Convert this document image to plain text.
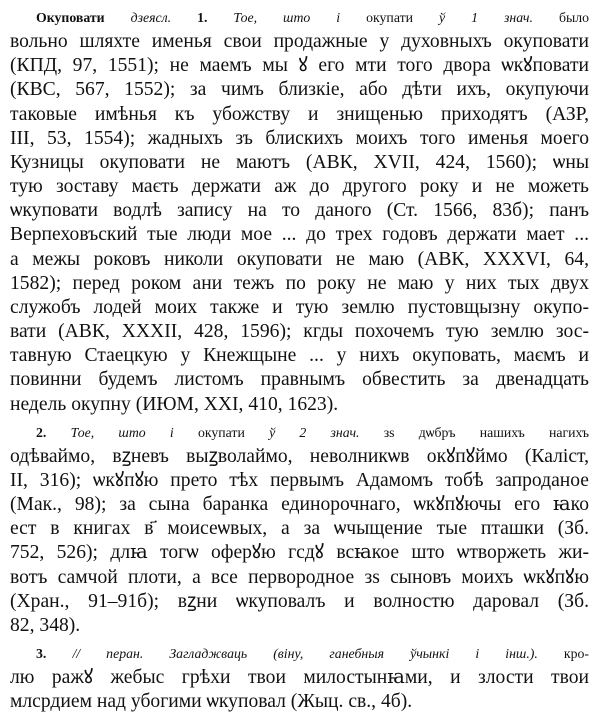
Окуповати дзеясл. 1. Тое, што і окупати ў 1 знач. было
вольно шляхте именья свои продажные у духовныхъ окуповати
(КПД, 97, 1551); не маемъ мы ꙋ его мти того двора ѡкꙋповати
(КВС, 567, 1552); за чимъ близкіе, або дѣти ихъ, окупуючи
таковые имѣнья къ убожству и знищенью приходятъ (АЗР,
III, 53, 1554); жадныхъ зъ блискихъ моихъ того именья моего
Кузницы окуповати не маютъ (АВК, XVII, 424, 1560); ѡны
тую зоставу маєть держати аж до другого року и не можеть
ѡкуповати водлѣ запису на то даного (Ст. 1566, 83б); панъ
Верпеховъский тые люди мое ... до трех годовъ держати мает ...
а межы роковъ николи окуповати не маю (АВК, XXXVI, 64,
1582); перед роком ани тежъ по року не маю у них тых двух
служобъ лодей моих также и тую землю пустовщызну окупо-
вати (АВК, XXXII, 428, 1596); кгды похочемъ тую землю зос-
тавную Стаецкую у Кнежщыне ... у нихъ окуповать, маємъ и
повинни будемъ листомъ правнымъ обвестить за двенадцать
недель окупну (ИЮМ, XXI, 410, 1623).
2. Тое, што і окупати ў 2 знач. зs дѡбръ нашихъ нагихъ
одѣваймо, вꙁневъ выꙁволаймо, неволникѡв окꙋпꙋймо (Каліст,
II, 316); ѡкꙋпꙋю прето тѣх первымъ Адамомъ тобѣ запроданое
(Мак., 98); за сына баранка единорочнаго, ѡкꙋпꙋючы его ꙗко
ест в книгах в҃ моисеѡвых, а за ѡчыщение тые пташки (Зб.
752, 526); длꙗ тогѡ оферꙋю гсдꙋ всꙗкое што ѡтворжеть жи-
вотъ самчой плоти, а все первородное зs сыновъ моихъ ѡкꙋпꙋю
(Хран., 91–91б); вꙁни ѡкуповалъ и волностю даровал (Зб.
82, 348).
3. // перан. Загладжваць (віну, ганебныя ўчынкі і інш.). кро-
лю ражꙋ жебыс грѣхи твои милостынꙗми, и злости твои
млсрдием над убогими ѡкуповал (Жыц. св., 4б).
